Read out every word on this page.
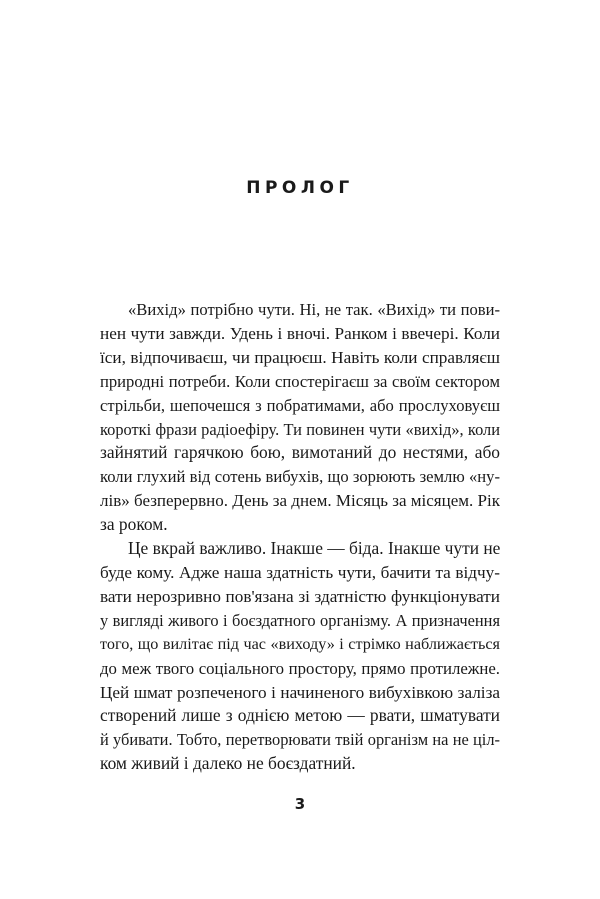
ПРОЛОГ

«Вихід» потрібно чути. Ні, не так. «Вихід» ти пови-
нен чути завжди. Удень і вночі. Ранком і ввечері. Коли
їси, відпочиваєш, чи працюєш. Навіть коли справляєш
природні потреби. Коли спостерігаєш за своїм сектором
стрільби, шепочешся з побратимами, або прослуховуєш
короткі фрази радіоефіру. Ти повинен чути «вихід», коли
зайнятий гарячкою бою, вимотаний до нестями, або
коли глухий від сотень вибухів, що зорюють землю «ну-
лів» безперервно. День за днем. Місяць за місяцем. Рік
за роком.

Це вкрай важливо. Інакше — біда. Інакше чути не
буде кому. Адже наша здатність чути, бачити та відчу-
вати нерозривно пов'язана зі здатністю функціонувати
у вигляді живого і боєздатного організму. А призначення
того, що вилітає під час «виходу» і стрімко наближається
до меж твого соціального простору, прямо протилежне.
Цей шмат розпеченого і начиненого вибухівкою заліза
створений лише з однією метою — рвати, шматувати
й убивати. Тобто, перетворювати твій організм на не ціл-
ком живий і далеко не боєздатний.

3
